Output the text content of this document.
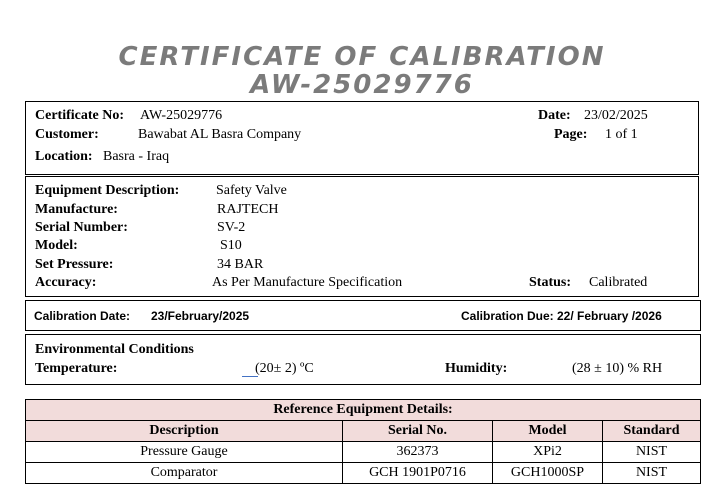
CERTIFICATE OF CALIBRATION
AW-25029776
Certificate No: AW-25029776	Date: 23/02/2025
Customer:	Bawabat AL Basra Company	Page: 1 of 1
Location: Basra - Iraq
Equipment Description:	Safety Valve
Manufacture:	RAJTECH
Serial Number:	SV-2
Model:	S10
Set Pressure:	34 BAR
Accuracy:	As Per Manufacture Specification	Status: Calibrated
Calibration Date: 23/February/2025	Calibration Due: 22/ February /2026
Environmental Conditions
Temperature:	(20± 2) ºC	Humidity:	(28 ± 10) % RH
Reference Equipment Details:			
Description	Serial No.	Model	Standard
Pressure Gauge	362373	XPi2	NIST
Comparator	GCH 1901P0716	GCH1000SP	NIST
